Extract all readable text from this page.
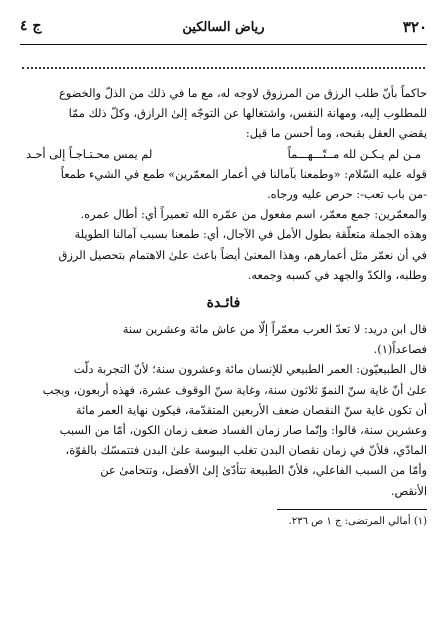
٣٢٠
رياض السالكين
ج ٤

حاكماً بأنّ طلب الرزق من المرزوق لاوجه له، مع ما في ذلك من الذلّ والخضوع

للمطلوب إليه، ومهانة النفس، واشتغالها عن التوجّه إلىٰ الرازق، وكلّ ذلك ممّا

يقضي العقل بقبحه، وما أحسن ما قيل:

مـن لم يـكـن لله مــتّـــهـــماً
لم يمس محـتـاجـاً إلى أحـد

قوله عليه السّلام: «وطمعنا بآمالنا في أعمار المعمّرين» طمع في الشيء طمعاً

-من باب تعب-: حرص عليه ورجاه.

والمعمّرين: جمع معمّر، اسم مفعول من عمّره الله تعميراً أي: أطال عمره.

وهذه الجملة متعلّقة بطول الأمل في الآجال، أي: طمعنا بسبب آمالنا الطويلة

في أن نعمّر مثل أعمارهم، وهذا المعنىٰ أيضاً باعث علىٰ الاهتمام بتحصيل الرزق

وطلبه، والكدّ والجهد في كسبه وجمعه.

فائـدة

قال ابن دريد: لا تعدّ العرب معمّراً إلّا من عاش مائة وعشرين سنة

فصاعداً(١).

قال الطبيعيّون: العمر الطبيعي للإنسان مائة وعشرون سنة؛ لأنّ التجربة دلّت

علىٰ أنّ غاية سنّ النموّ ثلاثون سنة، وغاية سنّ الوقوف عشرة، فهذه أربعون، ويجب

أن تكون غاية سنّ النقصان ضعف الأربعين المتقدّمة، فيكون نهاية العمر مائة

وعشرين سنة، قالوا: وإنّما صار زمان الفساد ضعف زمان الكون، أمّا من السبب

المادّي، فلأنّ في زمان نقصان البدن تغلب اليبوسة علىٰ البدن فتتمسّك بالقوّة،

وأمّا من السبب الفاعلي، فلأنّ الطبيعة تتأدّىٰ إلىٰ الأفضل، وتتحامىٰ عن

الأنقص.

(١) أمالي المرتضى: ج ١ ص ٢٣٦.
